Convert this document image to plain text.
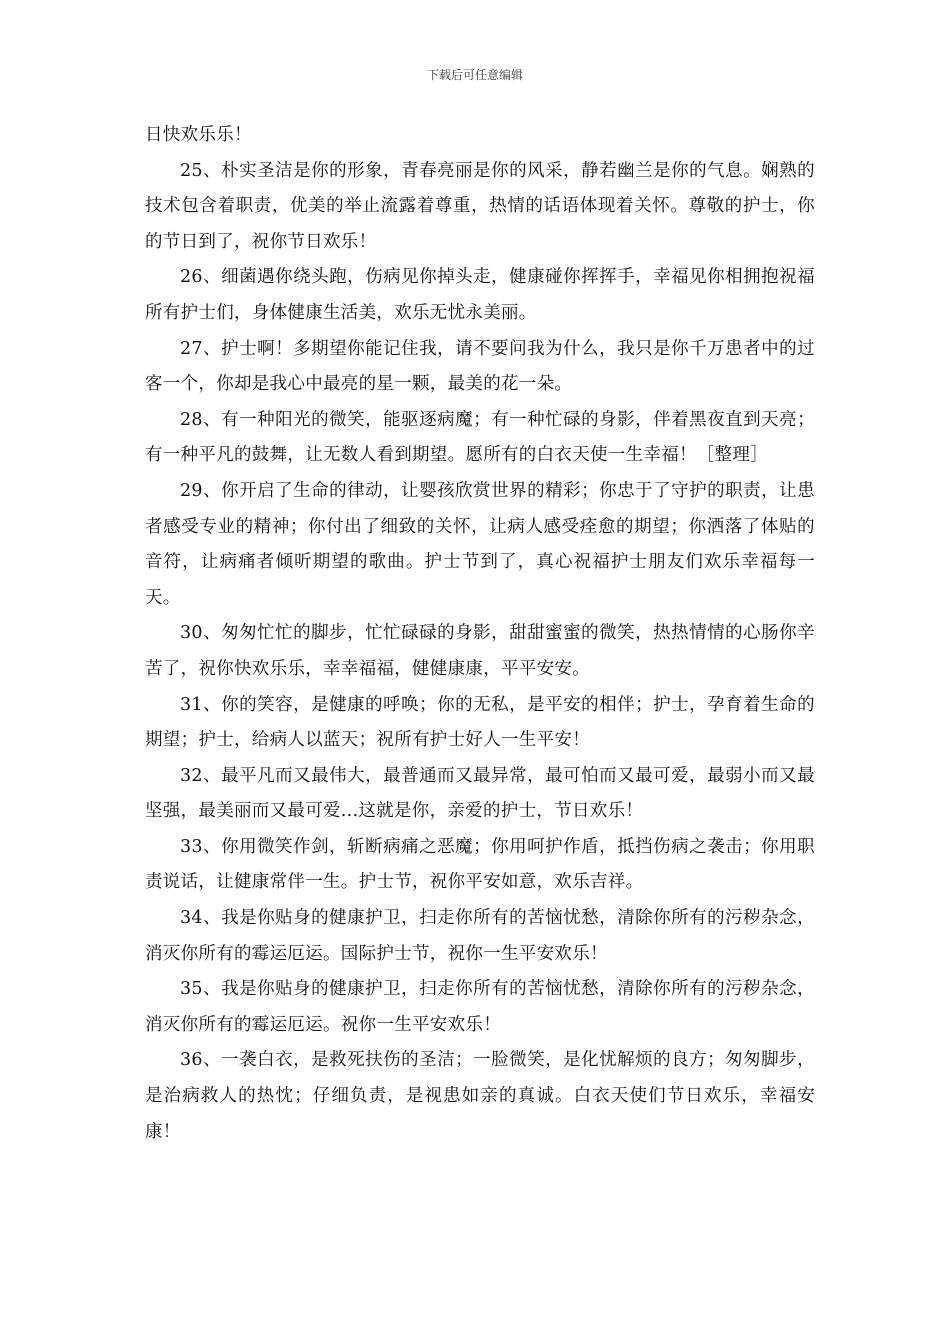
下载后可任意编辑

日快欢乐乐！

25、朴实圣洁是你的形象，青春亮丽是你的风采，静若幽兰是你的气息。娴熟的技术包含着职责，优美的举止流露着尊重，热情的话语体现着关怀。尊敬的护士，你的节日到了，祝你节日欢乐！

26、细菌遇你绕头跑，伤病见你掉头走，健康碰你挥挥手，幸福见你相拥抱祝福所有护士们，身体健康生活美，欢乐无忧永美丽。

27、护士啊！多期望你能记住我，请不要问我为什么，我只是你千万患者中的过客一个，你却是我心中最亮的星一颗，最美的花一朵。

28、有一种阳光的微笑，能驱逐病魔；有一种忙碌的身影，伴着黑夜直到天亮；有一种平凡的鼓舞，让无数人看到期望。愿所有的白衣天使一生幸福！［整理］

29、你开启了生命的律动，让婴孩欣赏世界的精彩；你忠于了守护的职责，让患者感受专业的精神；你付出了细致的关怀，让病人感受痊愈的期望；你洒落了体贴的音符，让病痛者倾听期望的歌曲。护士节到了，真心祝福护士朋友们欢乐幸福每一天。

30、匆匆忙忙的脚步，忙忙碌碌的身影，甜甜蜜蜜的微笑，热热情情的心肠你辛苦了，祝你快欢乐乐，幸幸福福，健健康康，平平安安。

31、你的笑容，是健康的呼唤；你的无私，是平安的相伴；护士，孕育着生命的期望；护士，给病人以蓝天；祝所有护士好人一生平安！

32、最平凡而又最伟大，最普通而又最异常，最可怕而又最可爱，最弱小而又最坚强，最美丽而又最可爱...这就是你，亲爱的护士，节日欢乐！

33、你用微笑作剑，斩断病痛之恶魔；你用呵护作盾，抵挡伤病之袭击；你用职责说话，让健康常伴一生。护士节，祝你平安如意，欢乐吉祥。

34、我是你贴身的健康护卫，扫走你所有的苦恼忧愁，清除你所有的污秽杂念，消灭你所有的霉运厄运。国际护士节，祝你一生平安欢乐！

35、我是你贴身的健康护卫，扫走你所有的苦恼忧愁，清除你所有的污秽杂念，消灭你所有的霉运厄运。祝你一生平安欢乐！

36、一袭白衣，是救死扶伤的圣洁；一脸微笑，是化忧解烦的良方；匆匆脚步，是治病救人的热忱；仔细负责，是视患如亲的真诚。白衣天使们节日欢乐，幸福安康！
